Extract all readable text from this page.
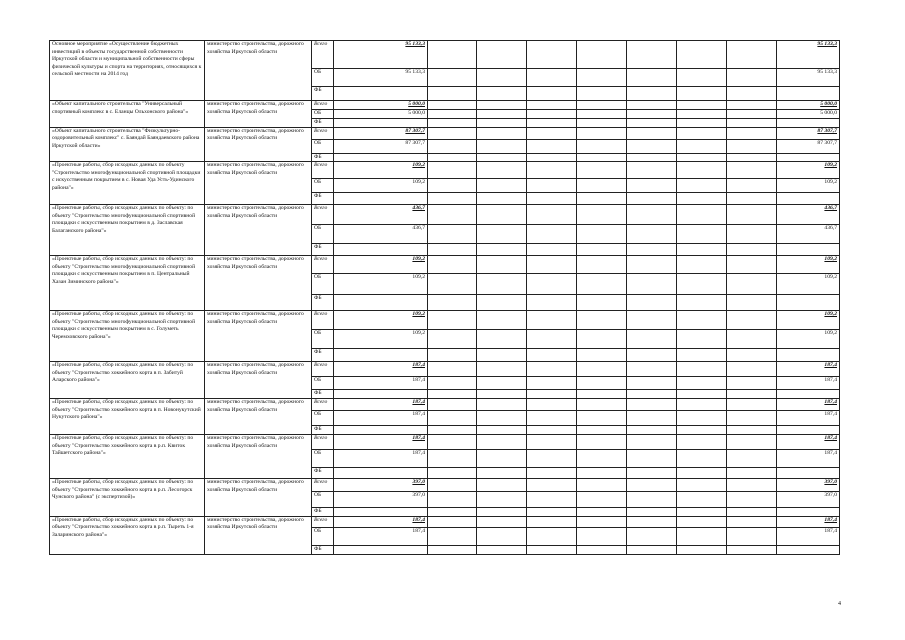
Основное мероприятие «Осуществление бюджетных инвестиций в объекты государственной собственности Иркутской области и муниципальной собственности сферы физической культуры и спорта на территориях, относящихся к сельской местности на 2014 год	министерство строительства, дорожного хозяйства Иркутской области	Всего	95 133,3								95 133,3
		ОБ	95 133,3								95 133,3
		ФБ									
«Объект капитального строительства "Универсальный спортивный комплекс в с. Еланцы Ольхонского района"»	министерство строительства, дорожного хозяйства Иркутской области	Всего	5 000,0								5 000,0
		ОБ	5 000,0								5 000,0
		ФБ									
«Объект капитального строительства "Физкультурно-оздоровительный комплекс" с. Баяндай Баяндаевского района Иркутской области»	министерство строительства, дорожного хозяйства Иркутской области	Всего	87 307,7								87 307,7
		ОБ	87 307,7								87 307,7
		ФБ									
«Проектные работы, сбор исходных данных по объекту "Строительство многофункциональной спортивной площадки с искусственным покрытием в с. Новая Уда Усть-Удинского района"»	министерство строительства, дорожного хозяйства Иркутской области	Всего	109,2								109,2
		ОБ	109,2								109,2
		ФБ									
«Проектные работы, сбор исходных данных по объекту: по объекту "Строительство многофункциональной спортивной площадки с искусственным покрытием в д. Заславская Балаганского района"»	министерство строительства, дорожного хозяйства Иркутской области	Всего	436,7								436,7
		ОБ	436,7								436,7
		ФБ									
«Проектные работы, сбор исходных данных по объекту: по объекту "Строительство многофункциональной спортивной площадки с искусственным покрытием в п. Центральный Хазан Зиминского района"»	министерство строительства, дорожного хозяйства Иркутской области	Всего	109,2								109,2
		ОБ	109,2								109,2
		ФБ									
«Проектные работы, сбор исходных данных по объекту: по объекту "Строительство многофункциональной спортивной площадки с искусственным покрытием в с. Голуметь Черемховского района"»	министерство строительства, дорожного хозяйства Иркутской области	Всего	109,2								109,2
		ОБ	109,2								109,2
		ФБ									
«Проектные работы, сбор исходных данных по объекту: по объекту "Строительство хоккейного корта в п. Забитуй Аларского района"»	министерство строительства, дорожного хозяйства Иркутской области	Всего	187,4								187,4
		ОБ	187,4								187,4
		ФБ									
«Проектные работы, сбор исходных данных по объекту: по объекту "Строительство хоккейного корта в п. Новонукутский Нукутского района"»	министерство строительства, дорожного хозяйства Иркутской области	Всего	187,4								187,4
		ОБ	187,4								187,4
		ФБ									
«Проектные работы, сбор исходных данных по объекту: по объекту "Строительство хоккейного корта в р.п. Квиток Тайшетского района"»	министерство строительства, дорожного хозяйства Иркутской области	Всего	187,4								187,4
		ОБ	187,4								187,4
		ФБ									
«Проектные работы, сбор исходных данных по объекту: по объекту "Строительство хоккейного корта в р.п. Лесогорск Чунского района" (с экспертизой)»	министерство строительства, дорожного хозяйства Иркутской области	Всего	397,0								397,0
		ОБ	397,0								397,0
		ФБ									
«Проектные работы, сбор исходных данных по объекту: по объекту "Строительство хоккейного корта в р.п. Тыреть 1-я Заларинского района"»	министерство строительства, дорожного хозяйства Иркутской области	Всего	187,4								187,4
		ОБ	187,4								187,4
		ФБ									
4
